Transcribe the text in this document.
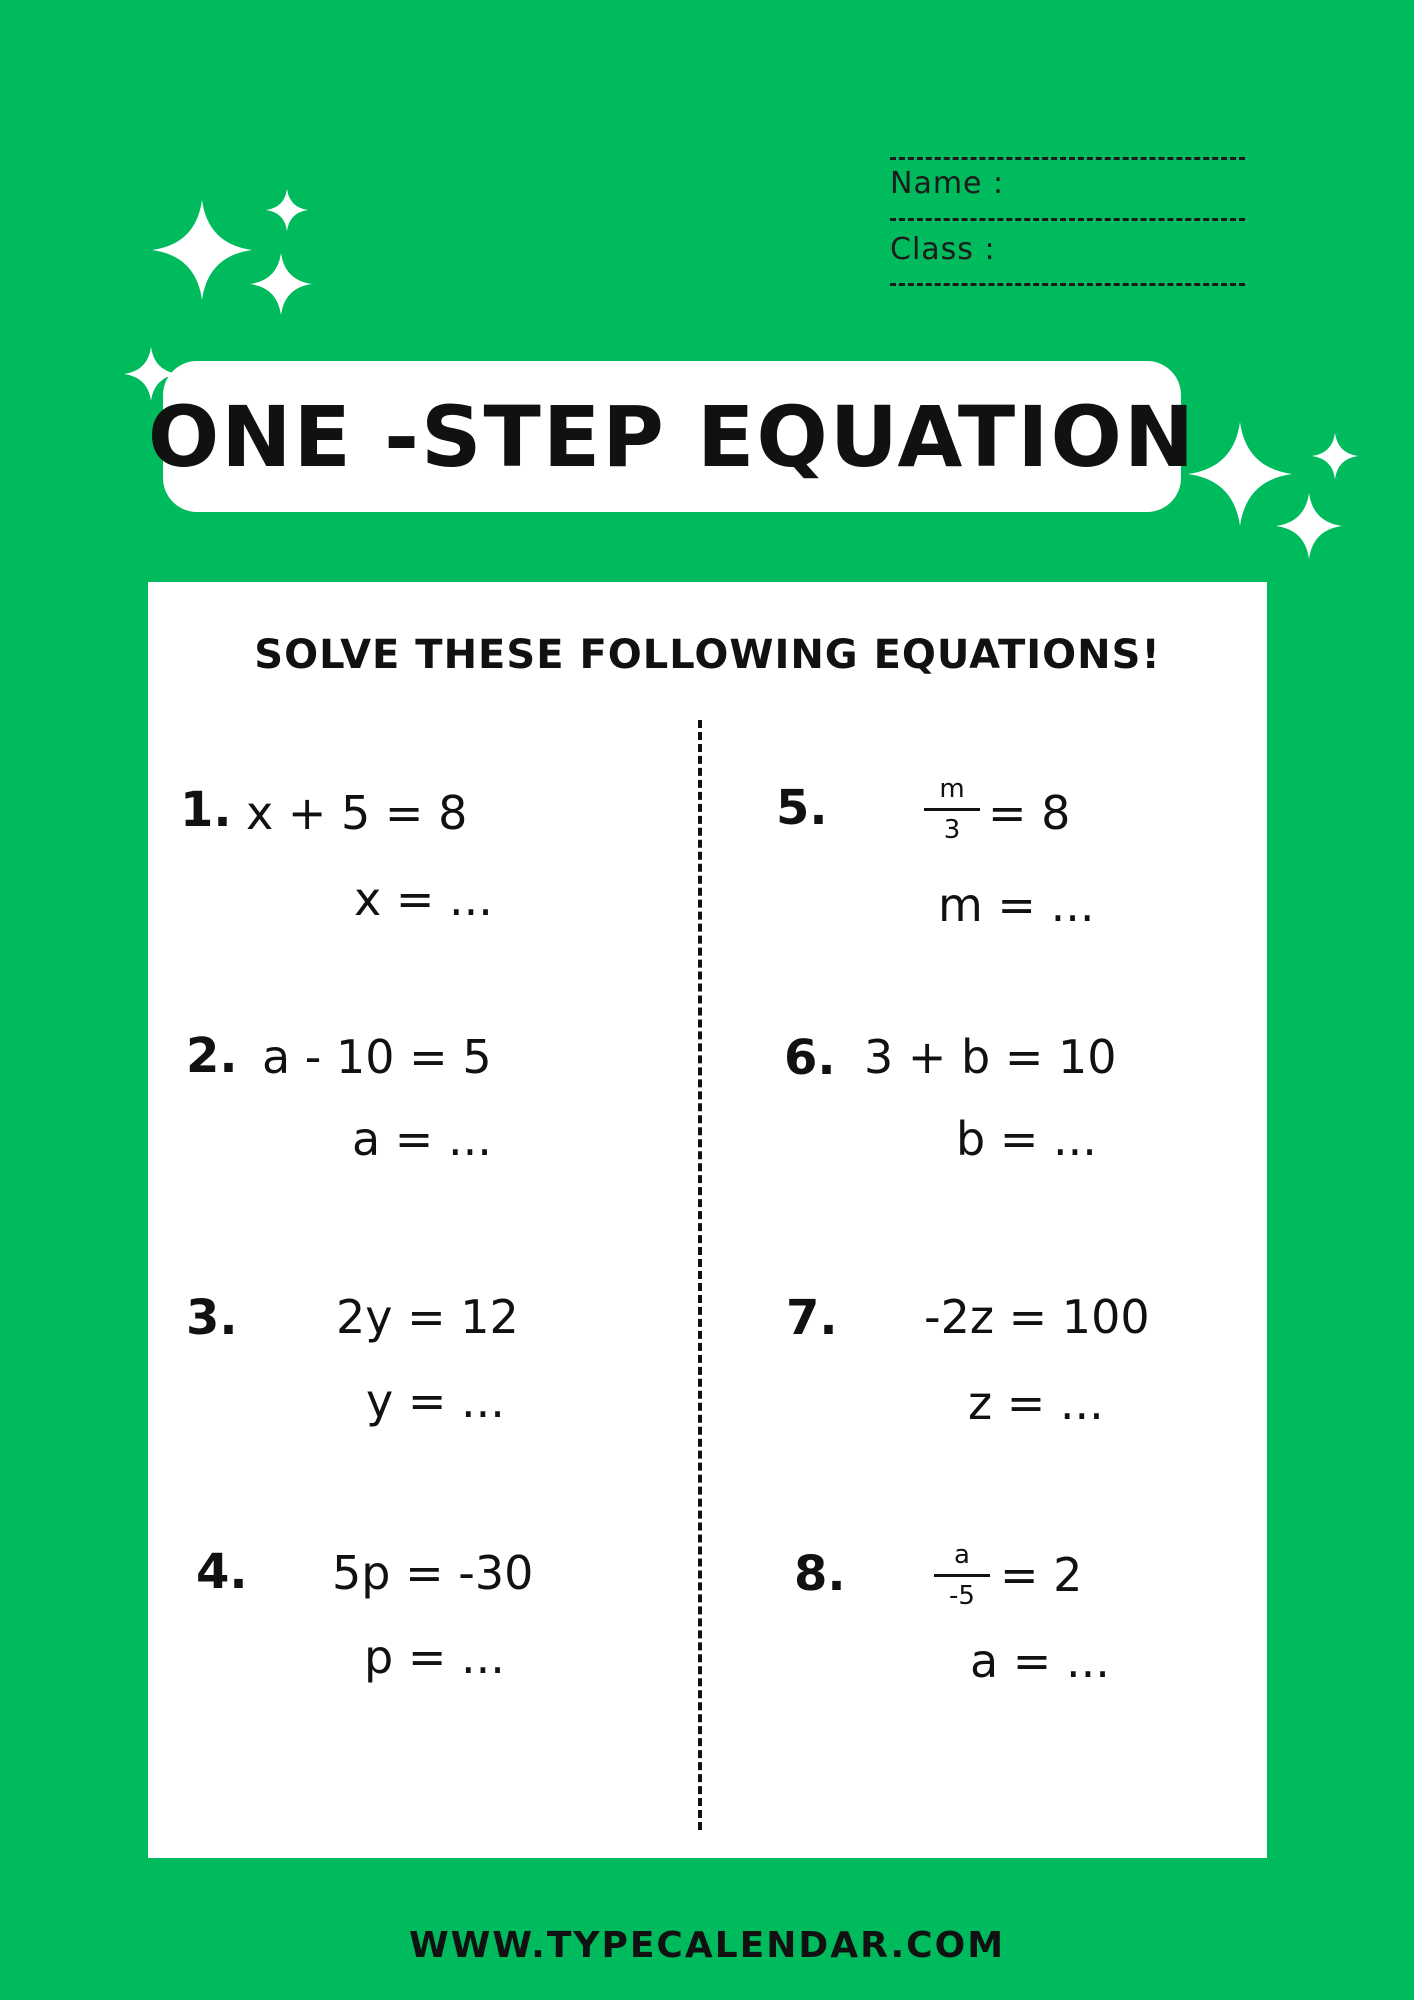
Name :
Class :
ONE -STEP EQUATION
SOLVE THESE FOLLOWING EQUATIONS!
1. x + 5 = 8
x = ...
2. a - 10 = 5
a = ...
3. 2y = 12
y = ...
4. 5p = -30
p = ...
5.	m
3 = 8
m = ...
6. 3 + b = 10
b = ...
7. -2z = 100
z = ...
8.	a
-5 = 2
a = ...
WWW.TYPECALENDAR.COM
